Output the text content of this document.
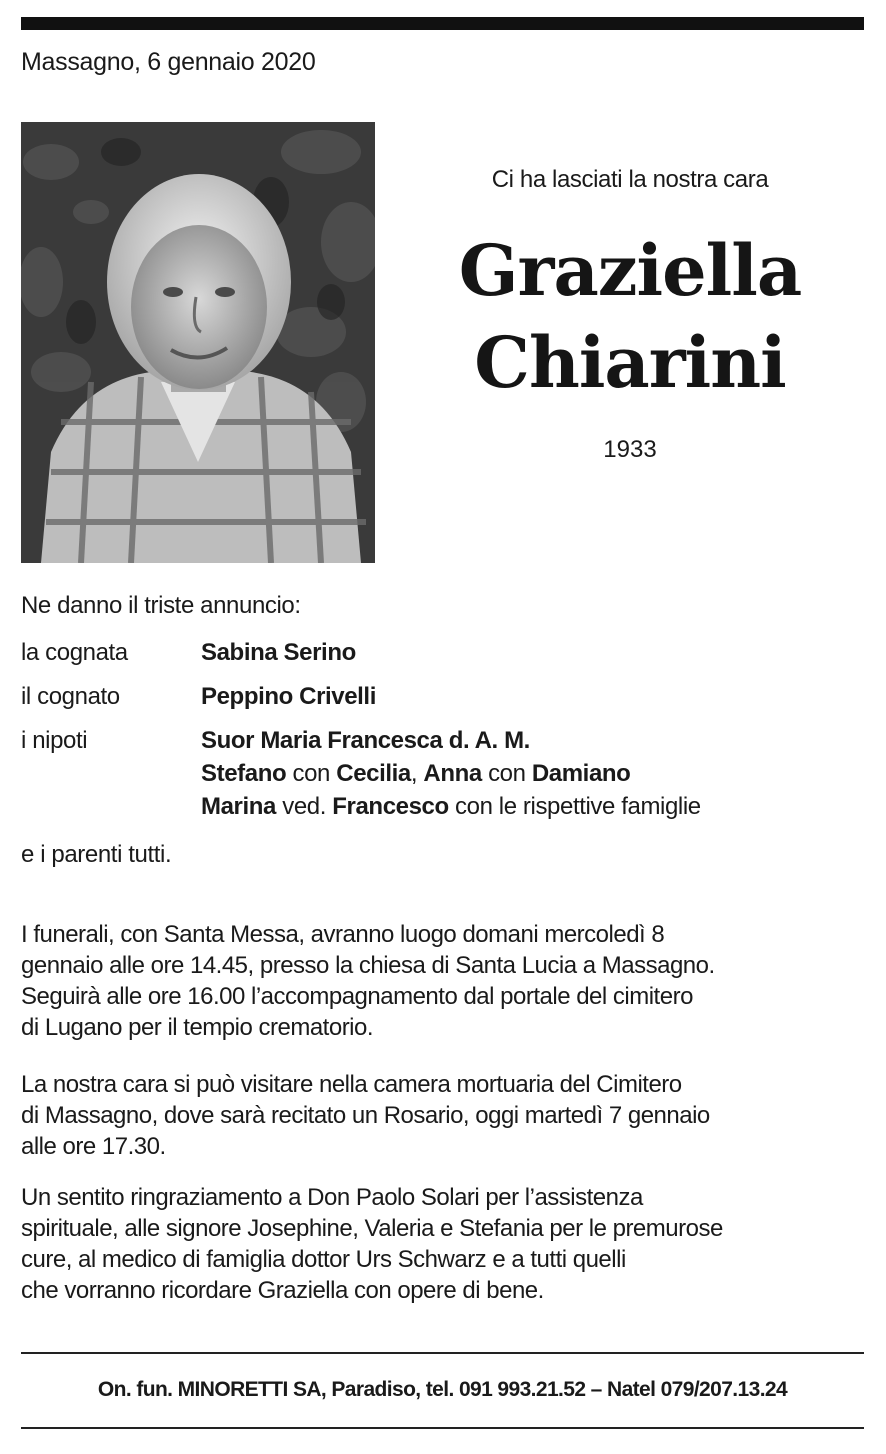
Massagno, 6 gennaio 2020
Ci ha lasciati la nostra cara
Graziella
Chiarini
1933
Ne danno il triste annuncio:
la cognata	Sabina Serino
il cognato	Peppino Crivelli
i nipoti	Suor Maria Francesca d. A. M.
Stefano con Cecilia, Anna con Damiano
Marina ved. Francesco con le rispettive famiglie
e i parenti tutti.

I funerali, con Santa Messa, avranno luogo domani mercoledì 8
gennaio alle ore 14.45, presso la chiesa di Santa Lucia a Massagno.
Seguirà alle ore 16.00 l’accompagnamento dal portale del cimitero
di Lugano per il tempio crematorio.

La nostra cara si può visitare nella camera mortuaria del Cimitero
di Massagno, dove sarà recitato un Rosario, oggi martedì 7 gennaio
alle ore 17.30.

Un sentito ringraziamento a Don Paolo Solari per l’assistenza
spirituale, alle signore Josephine, Valeria e Stefania per le premurose
cure, al medico di famiglia dottor Urs Schwarz e a tutti quelli
che vorranno ricordare Graziella con opere di bene.

On. fun. MINORETTI SA, Paradiso, tel. 091 993.21.52 – Natel 079/207.13.24
